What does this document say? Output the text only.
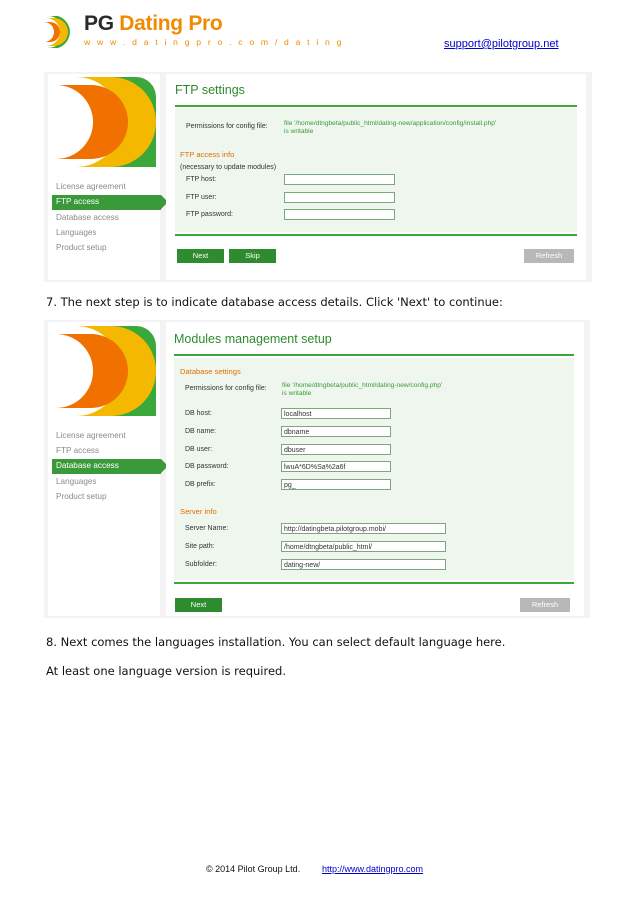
PG Dating Pro
w w w . d a t i n g p r o . c o m / d a t i n g	support@pilotgroup.net
License agreement
FTP access
Database access
Languages
Product setup
FTP settings
Permissions for config file: file '/home/dtngbeta/public_html/dating-new/application/config/install.php'
is writable
FTP access info
(necessary to update modules)
FTP host:
FTP user:
FTP password:
Next	Skip	Refresh
7. The next step is to indicate database access details. Click 'Next' to continue:
License agreement
FTP access
Database access
Languages
Product setup
Modules management setup
Database settings
Permissions for config file: file '/home/dtngbeta/public_html/dating-new/config.php'
is writable
DB host:	localhost
DB name:	dbname
DB user:	dbuser
DB password:	lwuA*6D%Sa%2a6f
DB prefix:	pg_
Server info
Server Name:	http://datingbeta.pilotgroup.mobi/
Site path:	/home/dtngbeta/public_html/
Subfolder:	dating-new/
Next	Refresh
8. Next comes the languages installation. You can select default language here.
At least one language version is required.
© 2014 Pilot Group Ltd. http://www.datingpro.com
